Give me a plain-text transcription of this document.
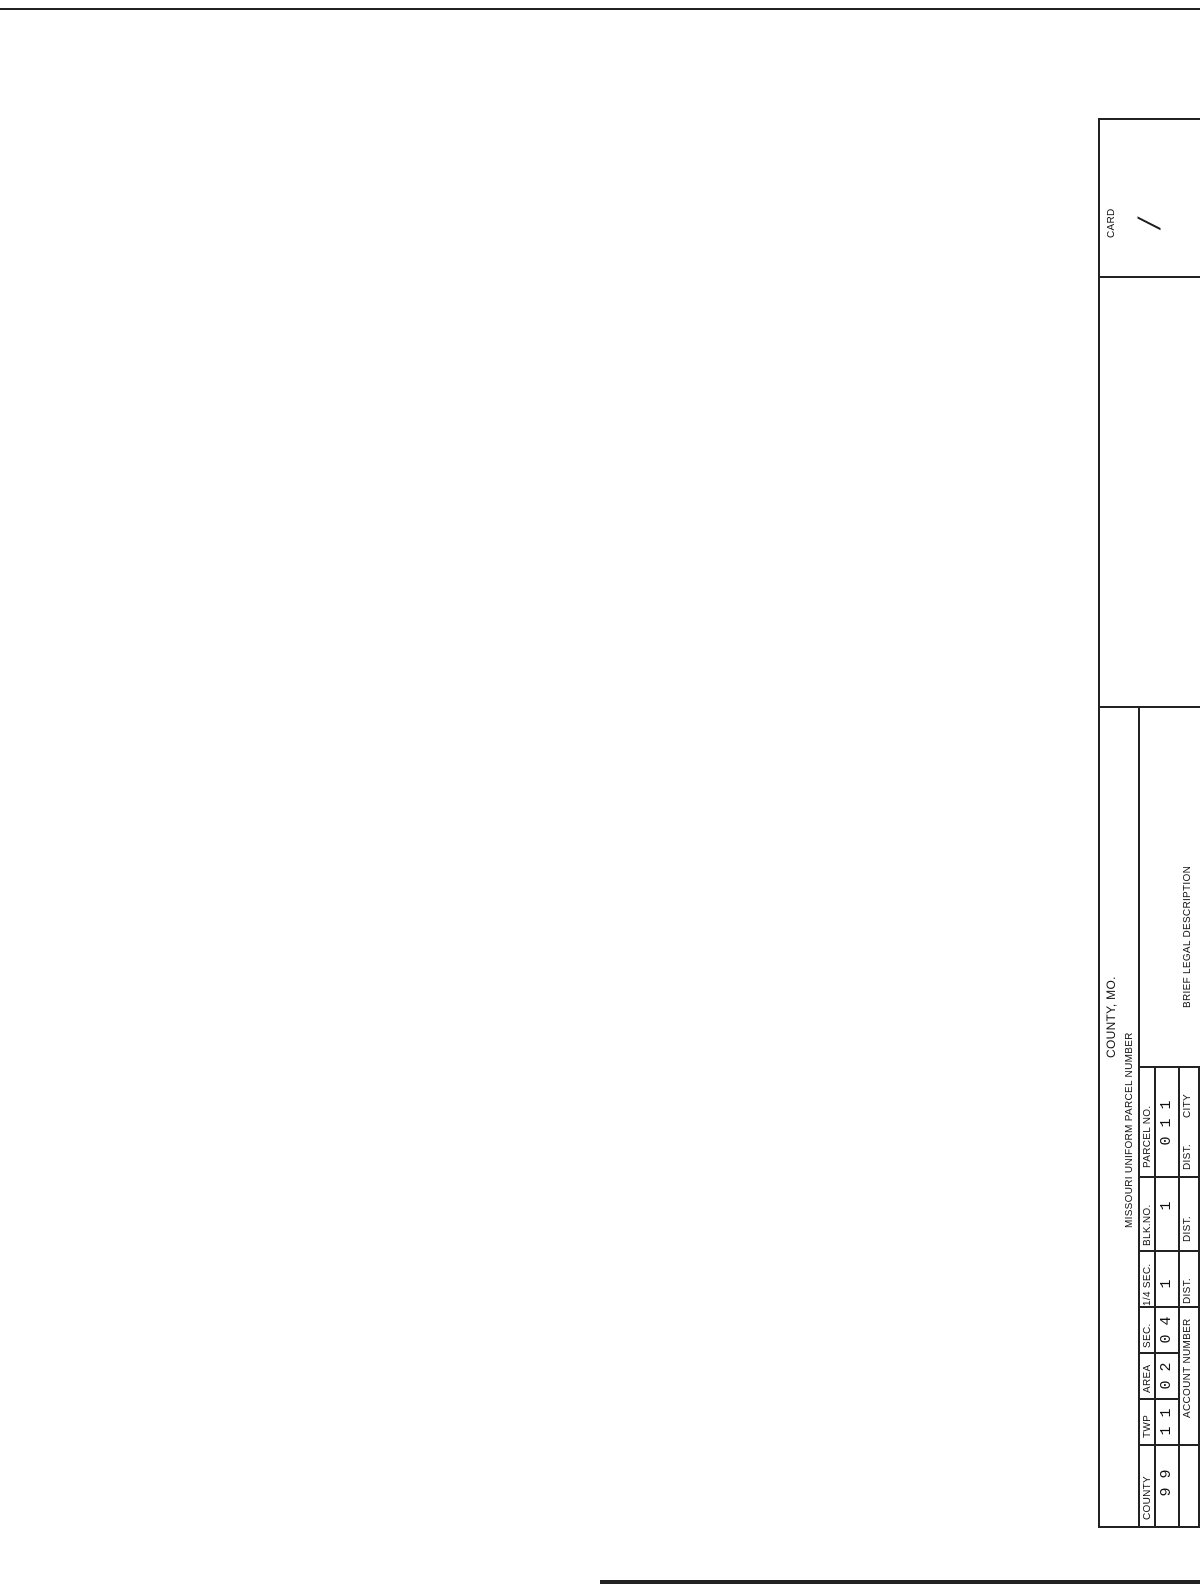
COUNTY, MO.
MISSOURI UNIFORM PARCEL NUMBER
COUNTY
TWP
AREA
SEC.
1/4 SEC.
BLK.NO.
PARCEL NO.
9 9
1 1
0 2
0 4
1
1
0 1 1
ACCOUNT NUMBER
DIST.
DIST.
DIST.
CITY
BRIEF LEGAL DESCRIPTION
CARD /
